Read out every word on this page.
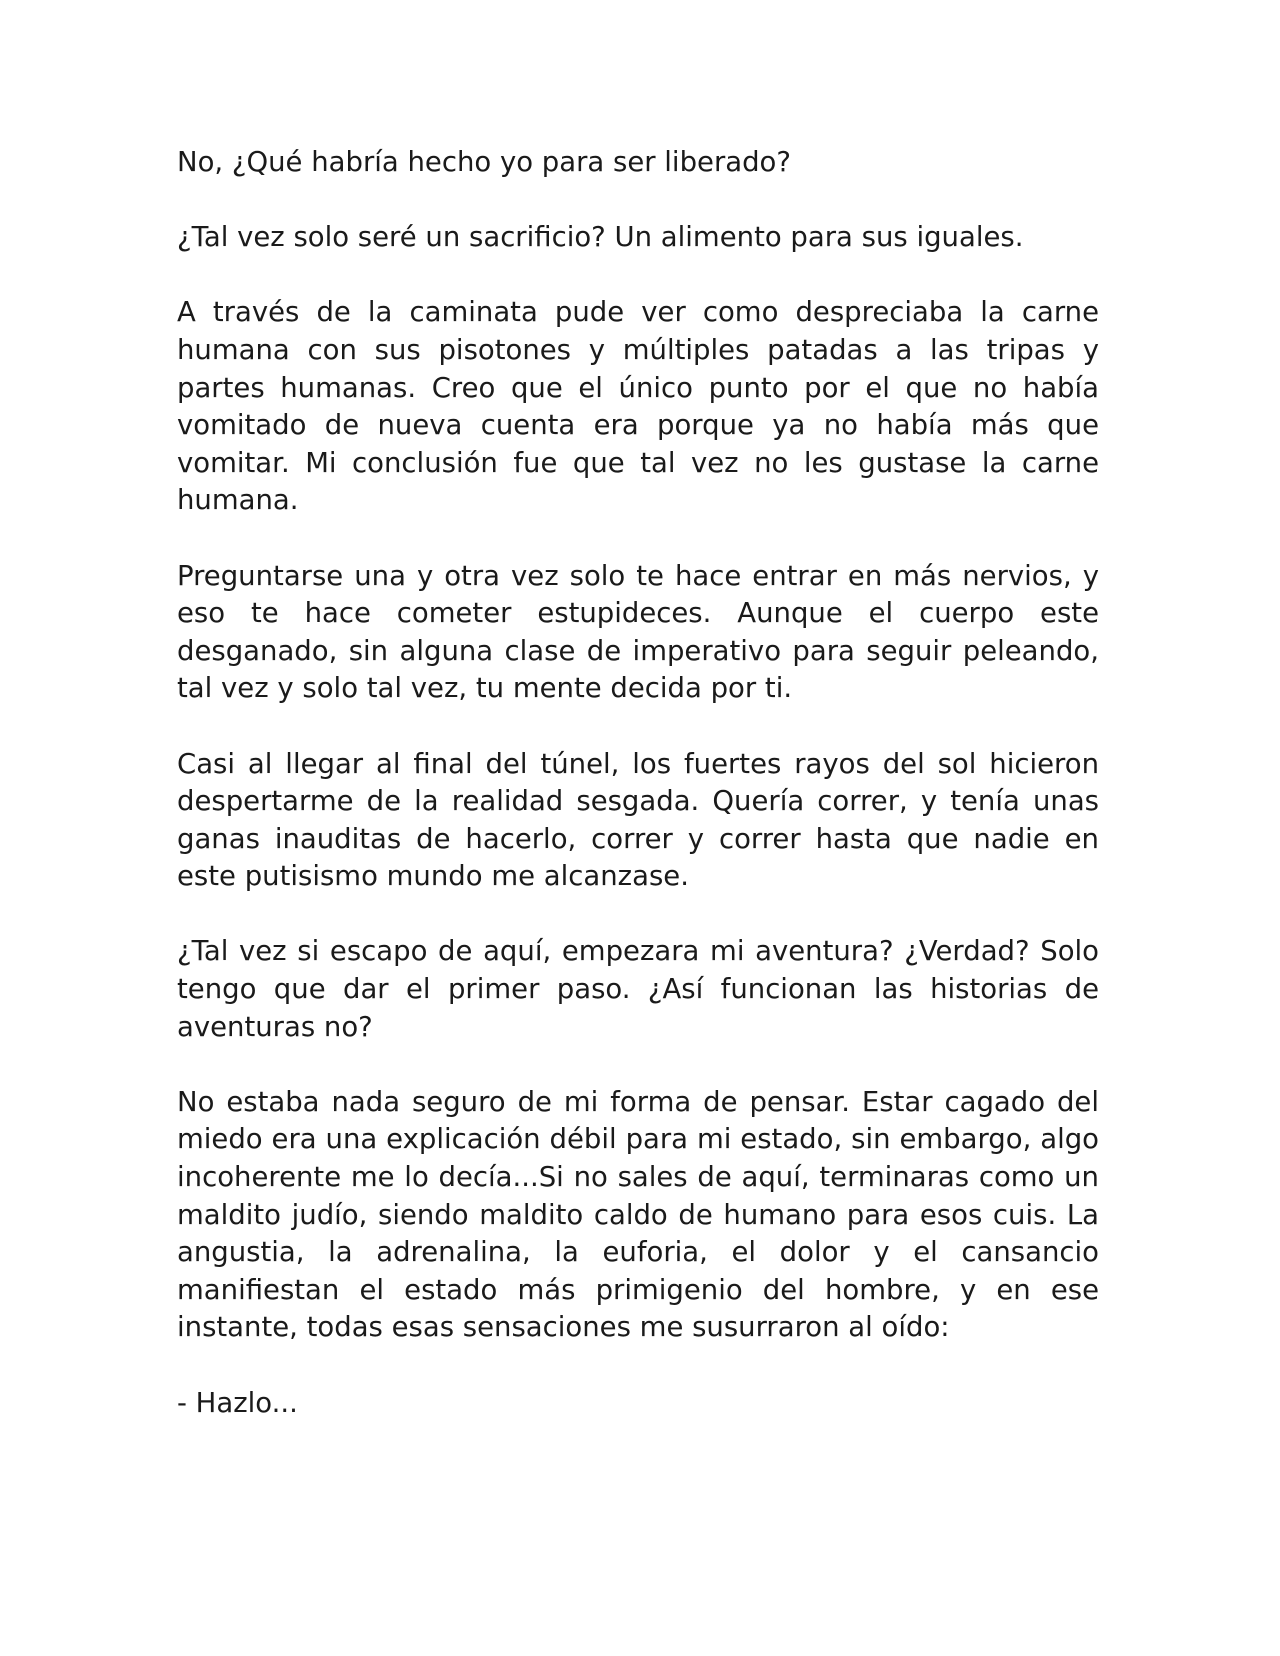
No, ¿Qué habría hecho yo para ser liberado?

¿Tal vez solo seré un sacrificio? Un alimento para sus iguales.

A través de la caminata pude ver como despreciaba la carne humana con sus pisotones y múltiples patadas a las tripas y partes humanas. Creo que el único punto por el que no había vomitado de nueva cuenta era porque ya no había más que vomitar. Mi conclusión fue que tal vez no les gustase la carne humana.

Preguntarse una y otra vez solo te hace entrar en más nervios, y eso te hace cometer estupideces. Aunque el cuerpo este desganado, sin alguna clase de imperativo para seguir peleando, tal vez y solo tal vez, tu mente decida por ti.

Casi al llegar al final del túnel, los fuertes rayos del sol hicieron despertarme de la realidad sesgada. Quería correr, y tenía unas ganas inauditas de hacerlo, correr y correr hasta que nadie en este putisismo mundo me alcanzase.

¿Tal vez si escapo de aquí, empezara mi aventura? ¿Verdad? Solo tengo que dar el primer paso. ¿Así funcionan las historias de aventuras no?

No estaba nada seguro de mi forma de pensar. Estar cagado del miedo era una explicación débil para mi estado, sin embargo, algo incoherente me lo decía...Si no sales de aquí, terminaras como un maldito judío, siendo maldito caldo de humano para esos cuis. La angustia, la adrenalina, la euforia, el dolor y el cansancio manifiestan el estado más primigenio del hombre, y en ese instante, todas esas sensaciones me susurraron al oído:

- Hazlo...
